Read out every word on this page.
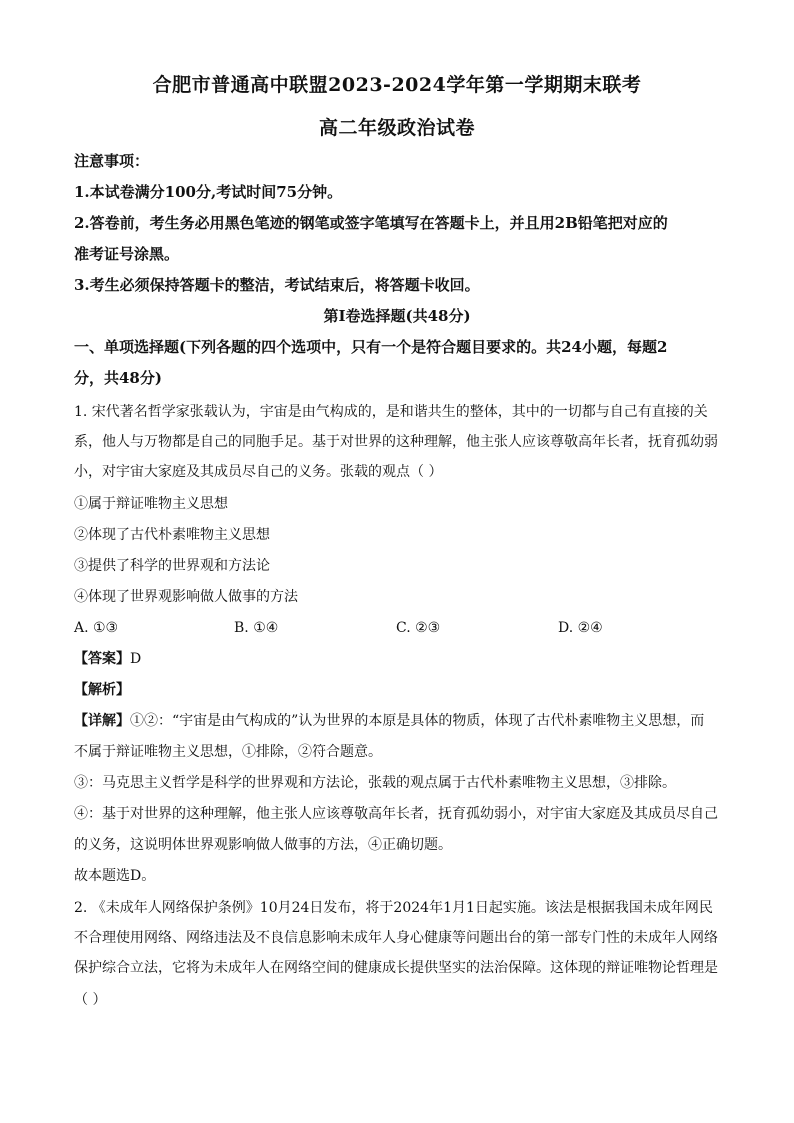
合肥市普通高中联盟2023-2024学年第一学期期末联考
高二年级政治试卷
注意事项：
1.本试卷满分100分,考试时间75分钟。
2.答卷前，考生务必用黑色笔迹的钢笔或签字笔填写在答题卡上，并且用2B铅笔把对应的
准考证号涂黑。
3.考生必须保持答题卡的整洁，考试结束后，将答题卡收回。
第Ⅰ卷选择题(共48分)
一、单项选择题(下列各题的四个选项中，只有一个是符合题目要求的。共24小题，每题2
分，共48分)
1. 宋代著名哲学家张载认为，宇宙是由气构成的，是和谐共生的整体，其中的一切都与自己有直接的关
系，他人与万物都是自己的同胞手足。基于对世界的这种理解，他主张人应该尊敬高年长者，抚育孤幼弱
小，对宇宙大家庭及其成员尽自己的义务。张载的观点（ ）
①属于辩证唯物主义思想
②体现了古代朴素唯物主义思想
③提供了科学的世界观和方法论
④体现了世界观影响做人做事的方法
A. ①③	B. ①④	C. ②③	D. ②④
【答案】D
【解析】
【详解】①②：“宇宙是由气构成的”认为世界的本原是具体的物质，体现了古代朴素唯物主义思想，而
不属于辩证唯物主义思想，①排除，②符合题意。
③：马克思主义哲学是科学的世界观和方法论，张载的观点属于古代朴素唯物主义思想，③排除。
④：基于对世界的这种理解，他主张人应该尊敬高年长者，抚育孤幼弱小，对宇宙大家庭及其成员尽自己
的义务，这说明体世界观影响做人做事的方法，④正确切题。
故本题选D。
2. 《未成年人网络保护条例》10月24日发布，将于2024年1月1日起实施。该法是根据我国未成年网民
不合理使用网络、网络违法及不良信息影响未成年人身心健康等问题出台的第一部专门性的未成年人网络
保护综合立法，它将为未成年人在网络空间的健康成长提供坚实的法治保障。这体现的辩证唯物论哲理是
（ ）
